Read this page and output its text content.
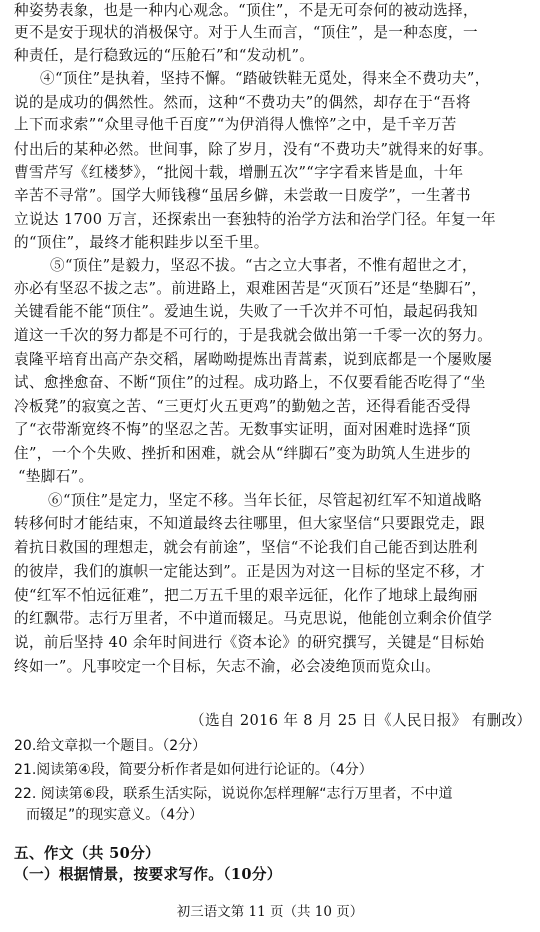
种姿势表象，也是一种内心观念。“顶住”，不是无可奈何的被动选择，
更不是安于现状的消极保守。对于人生而言，“顶住”，是一种态度，一
种责任，是行稳致远的“压舱石”和“发动机”。
④“顶住”是执着，坚持不懈。“踏破铁鞋无觅处，得来全不费功夫”，
说的是成功的偶然性。然而，这种“不费功夫”的偶然，却存在于“吾将
上下而求索”“众里寻他千百度”“为伊消得人憔悴”之中，是千辛万苦
付出后的某种必然。世间事，除了岁月，没有“不费功夫”就得来的好事。
曹雪芹写《红楼梦》，“批阅十载，增删五次”“字字看来皆是血，十年
辛苦不寻常”。国学大师钱穆“虽居乡僻，未尝敢一日废学”，一生著书
立说达 1700 万言，还探索出一套独特的治学方法和治学门径。年复一年
的“顶住”，最终才能积跬步以至千里。
⑤“顶住”是毅力，坚忍不拔。“古之立大事者，不惟有超世之才，
亦必有坚忍不拔之志”。前进路上，艰难困苦是“灭顶石”还是“垫脚石”，
关键看能不能“顶住”。爱迪生说，失败了一千次并不可怕，最起码我知
道这一千次的努力都是不可行的，于是我就会做出第一千零一次的努力。
袁隆平培育出高产杂交稻，屠呦呦提炼出青蒿素，说到底都是一个屡败屡
试、愈挫愈奋、不断“顶住”的过程。成功路上，不仅要看能否吃得了“坐
冷板凳”的寂寞之苦、“三更灯火五更鸡”的勤勉之苦，还得看能否受得
了“衣带渐宽终不悔”的坚忍之苦。无数事实证明，面对困难时选择“顶
住”，一个个失败、挫折和困难，就会从“绊脚石”变为助筑人生进步的
“垫脚石”。
⑥“顶住”是定力，坚定不移。当年长征，尽管起初红军不知道战略
转移何时才能结束，不知道最终去往哪里，但大家坚信“只要跟党走，跟
着抗日救国的理想走，就会有前途”，坚信“不论我们自己能否到达胜利
的彼岸，我们的旗帜一定能达到”。正是因为对这一目标的坚定不移，才
使“红军不怕远征难”，把二万五千里的艰辛远征，化作了地球上最绚丽
的红飘带。志行万里者，不中道而辍足。马克思说，他能创立剩余价值学
说，前后坚持 40 余年时间进行《资本论》的研究撰写，关键是“目标始
终如一”。凡事咬定一个目标，矢志不渝，必会凌绝顶而览众山。
（选自 2016 年 8 月 25 日《人民日报》 有删改）
20.给文章拟一个题目。（2分）
21.阅读第④段，简要分析作者是如何进行论证的。（4分）
22. 阅读第⑥段，联系生活实际，说说你怎样理解“志行万里者，不中道
而辍足”的现实意义。（4分）
五、作文（共 50分）
（一）根据情景，按要求写作。（10分）
初三语文第 11 页（共 10 页）
